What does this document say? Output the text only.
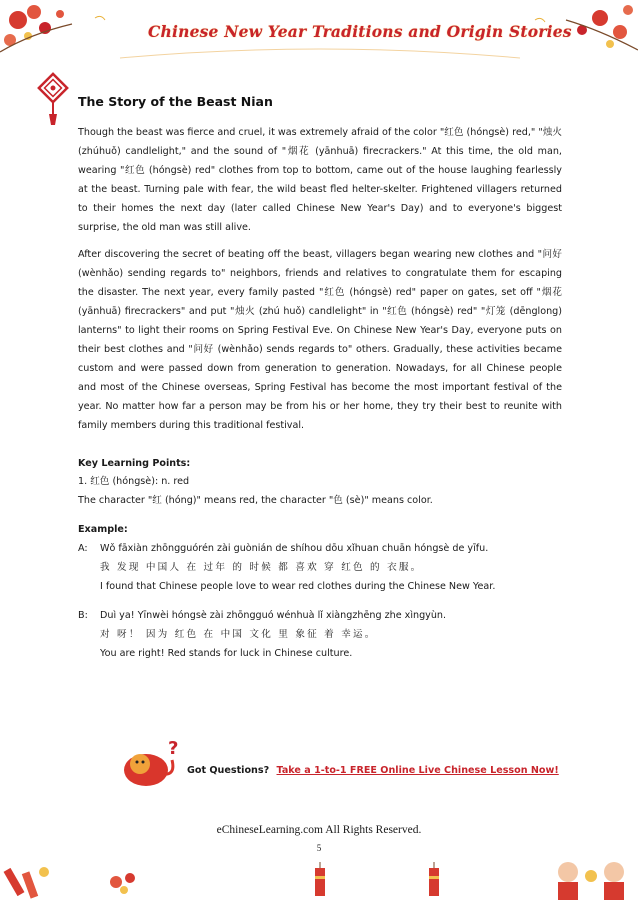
Chinese New Year Traditions and Origin Stories
The Story of the Beast Nian

Though the beast was fierce and cruel, it was extremely afraid of the color "红色 (hóngsè) red," "烛火 (zhúhuǒ) candlelight," and the sound of "烟花 (yānhuā) firecrackers." At this time, the old man, wearing "红色 (hóngsè) red" clothes from top to bottom, came out of the house laughing fearlessly at the beast. Turning pale with fear, the wild beast fled helter-skelter. Frightened villagers returned to their homes the next day (later called Chinese New Year's Day) and to everyone's biggest surprise, the old man was still alive.

After discovering the secret of beating off the beast, villagers began wearing new clothes and "问好 (wènhǎo) sending regards to" neighbors, friends and relatives to congratulate them for escaping the disaster. The next year, every family pasted "红色 (hóngsè) red" paper on gates, set off "烟花 (yānhuā) firecrackers" and put "烛火 (zhú huǒ) candlelight" in "红色 (hóngsè) red" "灯笼 (dēnglong) lanterns" to light their rooms on Spring Festival Eve. On Chinese New Year's Day, everyone puts on their best clothes and "问好 (wènhǎo) sends regards to" others. Gradually, these activities became custom and were passed down from generation to generation. Nowadays, for all Chinese people and most of the Chinese overseas, Spring Festival has become the most important festival of the year. No matter how far a person may be from his or her home, they try their best to reunite with family members during this traditional festival.

Key Learning Points:
1. 红色 (hóngsè): n. red
The character "红 (hóng)" means red, the character "色 (sè)" means color.
Example:
A:	Wǒ fāxiàn zhōngguórén zài guònián de shíhou dōu xǐhuan chuān hóngsè de yīfu.
我 发现 中国人 在 过年 的 时候 都 喜欢 穿 红色 的 衣服。
I found that Chinese people love to wear red clothes during the Chinese New Year.
B:	Duì ya! Yīnwèi hóngsè zài zhōngguó wénhuà lǐ xiàngzhēng zhe xìngyùn.
对 呀！ 因为 红色 在 中国 文化 里 象征 着 幸运。
You are right! Red stands for luck in Chinese culture.
?
Got Questions? Take a 1-to-1 FREE Online Live Chinese Lesson Now!
eChineseLearning.com All Rights Reserved.
5
